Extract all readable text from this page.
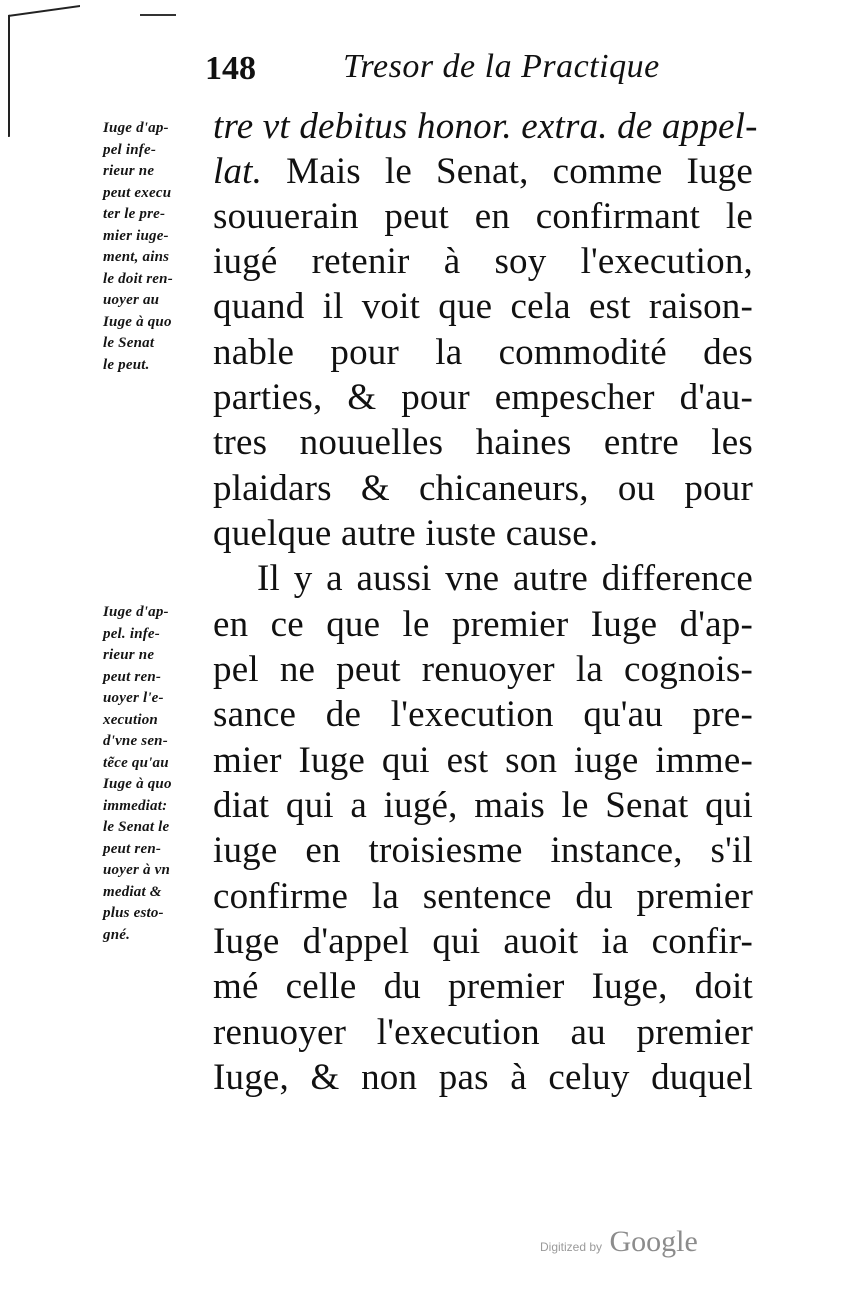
148	Tresor de la Practique
tre vt debitus honor. extra. de appel-
lat. Mais le Senat, comme Iuge
souuerain peut en confirmant le
iugé retenir à soy l'execution,
quand il voit que cela est raison-
nable pour la commodité des
parties, & pour empescher d'au-
tres nouuelles haines entre les
plaidars & chicaneurs, ou pour
quelque autre iuste cause.
Il y a aussi vne autre difference
en ce que le premier Iuge d'ap-
pel ne peut renuoyer la cognois-
sance de l'execution qu'au pre-
mier Iuge qui est son iuge imme-
diat qui a iugé, mais le Senat qui
iuge en troisiesme instance, s'il
confirme la sentence du premier
Iuge d'appel qui auoit ia confir-
mé celle du premier Iuge, doit
renuoyer l'execution au premier
Iuge, & non pas à celuy duquel
Iuge d'ap-
pel infe-
rieur ne
peut execu
ter le pre-
mier iuge-
ment, ains
le doit ren-
uoyer au
Iuge à quo
le Senat
le peut.
Iuge d'ap-
pel. infe-
rieur ne
peut ren-
uoyer l'e-
xecution
d'vne sen-
tẽce qu'au
Iuge à quo
immediat:
le Senat le
peut ren-
uoyer à vn
mediat &
plus esto-
gné.
Digitized by Google
